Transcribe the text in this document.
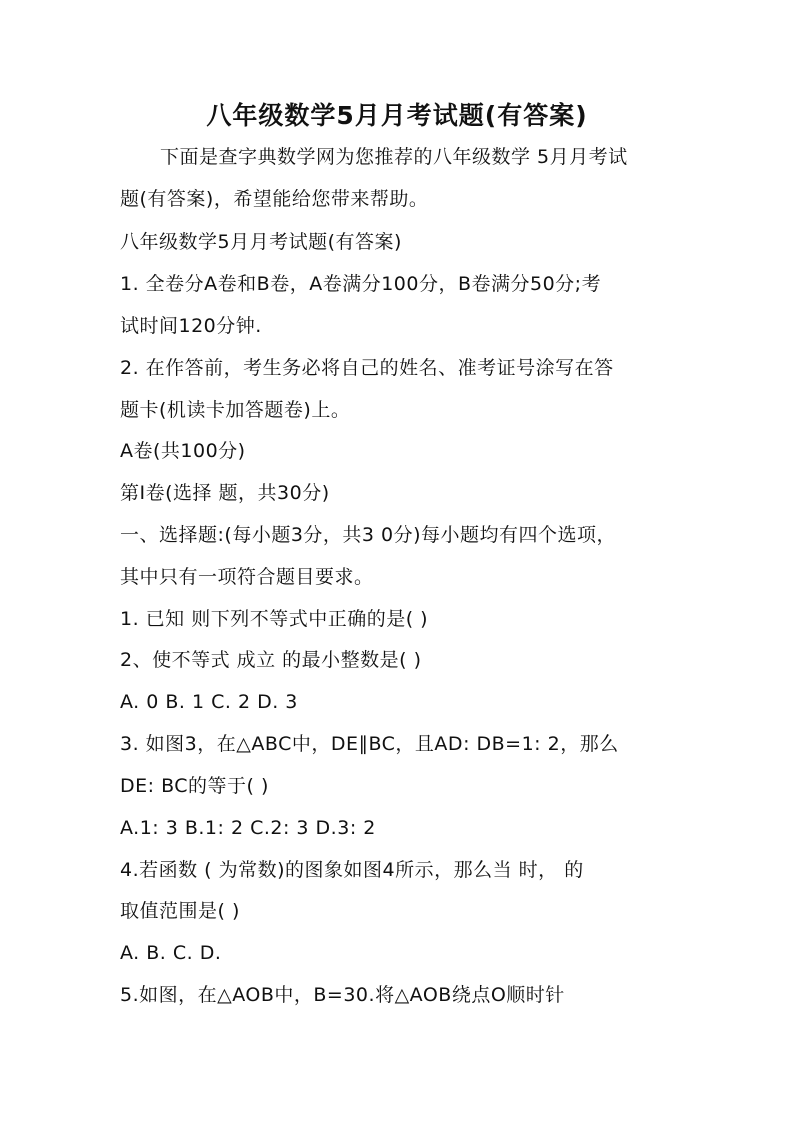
八年级数学5月月考试题(有答案)
下面是查字典数学网为您推荐的八年级数学 5月月考试
题(有答案)，希望能给您带来帮助。
八年级数学5月月考试题(有答案)
1. 全卷分A卷和B卷，A卷满分100分，B卷满分50分;考
试时间120分钟.
2. 在作答前，考生务必将自己的姓名、准考证号涂写在答
题卡(机读卡加答题卷)上。
A卷(共100分)
第Ⅰ卷(选择 题，共30分)
一、选择题:(每小题3分，共3 0分)每小题均有四个选项，
其中只有一项符合题目要求。
1. 已知 则下列不等式中正确的是( )
2、使不等式 成立 的最小整数是( )
A. 0 B. 1 C. 2 D. 3
3. 如图3，在△ABC中，DE∥BC，且AD: DB=1: 2，那么
DE: BC的等于( )
A.1: 3 B.1: 2 C.2: 3 D.3: 2
4.若函数 ( 为常数)的图象如图4所示，那么当 时， 的
取值范围是( )
A. B. C. D.
5.如图，在△AOB中，B=30.将△AOB绕点O顺时针
